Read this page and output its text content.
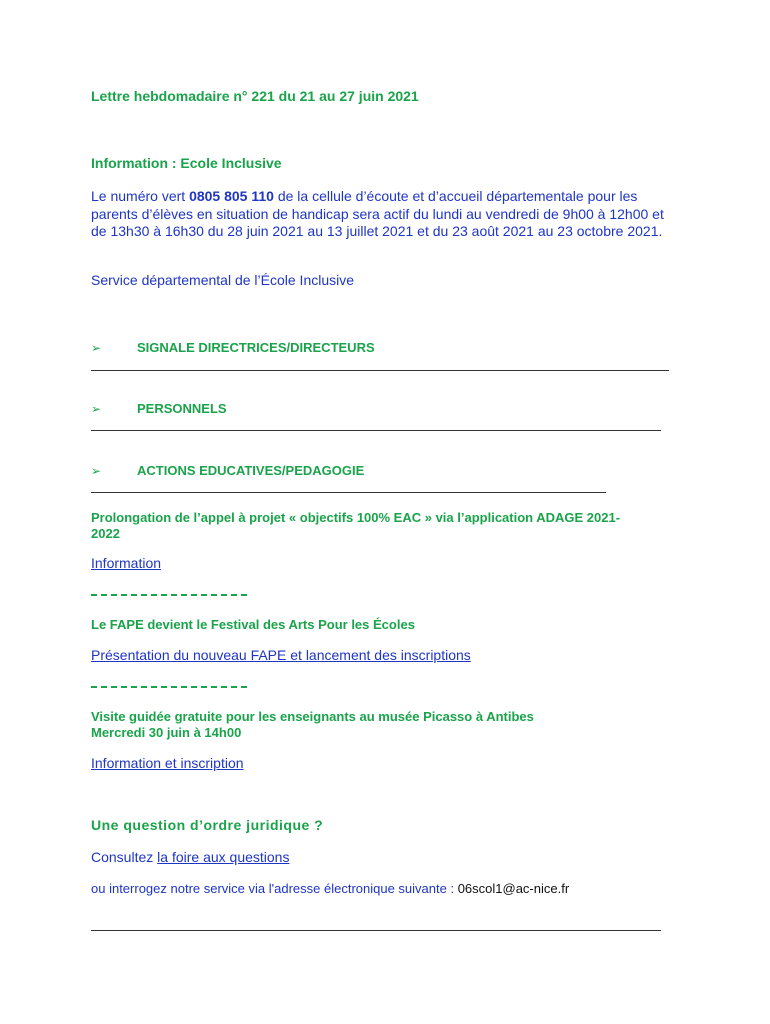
Lettre hebdomadaire n° 221 du 21 au 27 juin 2021
Information : Ecole Inclusive

Le numéro vert 0805 805 110 de la cellule d’écoute et d’accueil départementale pour les parents d’élèves en situation de handicap sera actif du lundi au vendredi de 9h00 à 12h00 et de 13h30 à 16h30 du 28 juin 2021 au 13 juillet 2021 et du 23 août 2021 au 23 octobre 2021.

Service départemental de l’École Inclusive
➢	SIGNALE DIRECTRICES/DIRECTEURS
➢	PERSONNELS
➢	ACTIONS EDUCATIVES/PEDAGOGIE
Prolongation de l’appel à projet « objectifs 100% EAC » via l’application ADAGE 2021-
2022
Information
Le FAPE devient le Festival des Arts Pour les Écoles
Présentation du nouveau FAPE et lancement des inscriptions
Visite guidée gratuite pour les enseignants au musée Picasso à Antibes
Mercredi 30 juin à 14h00
Information et inscription
Une question d’ordre juridique ?
Consultez la foire aux questions
ou interrogez notre service via l'adresse électronique suivante : 06scol1@ac-nice.fr
